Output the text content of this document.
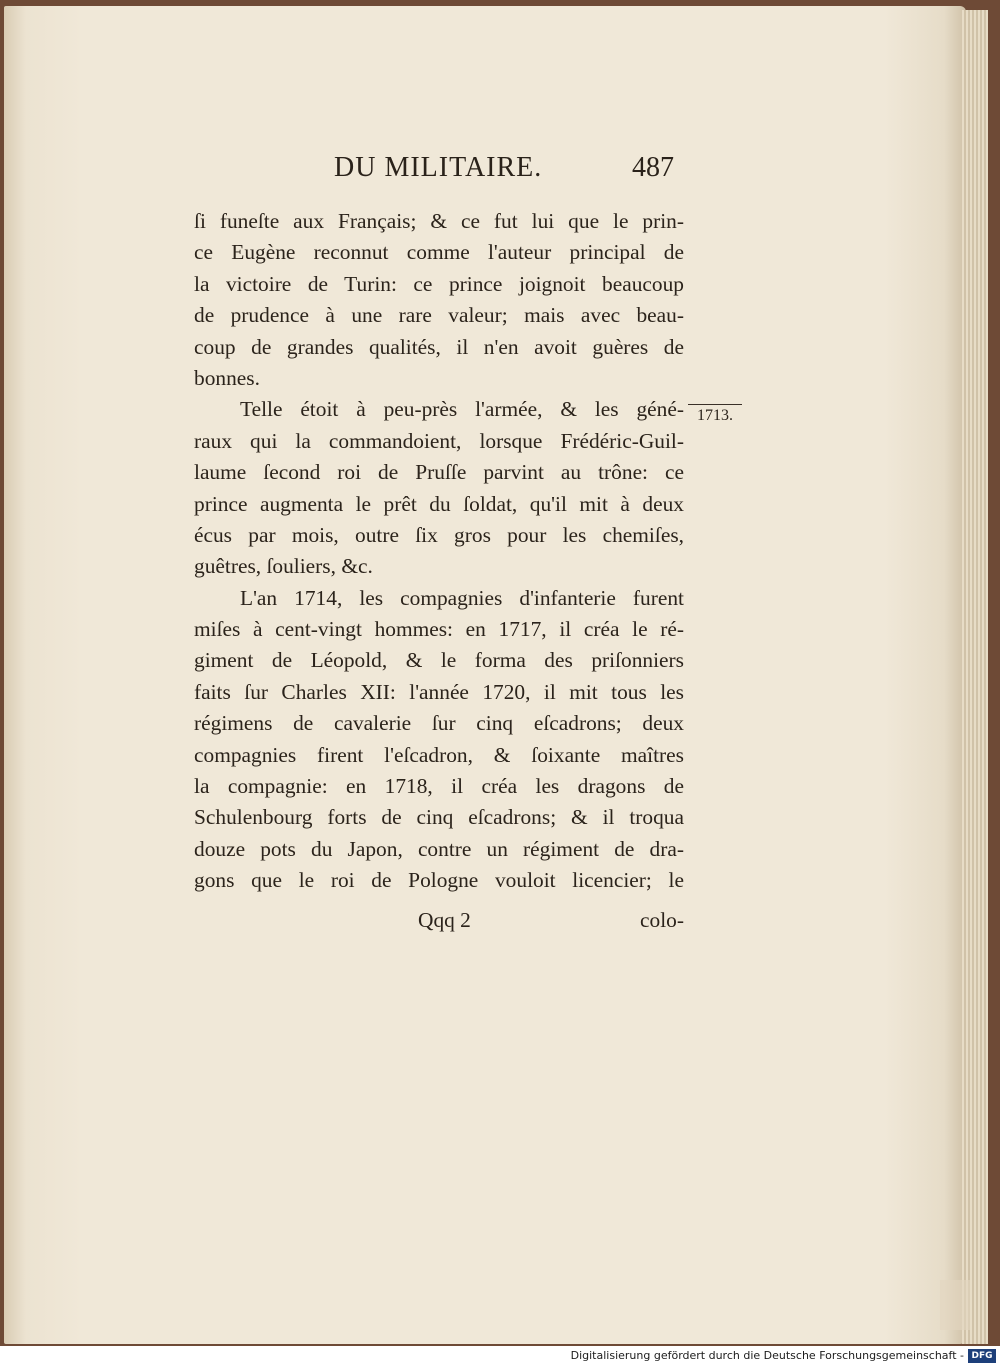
DU MILITAIRE.	487
ſi funeſte aux Français; & ce fut lui que le prin-
ce Eugène reconnut comme l'auteur principal de
la victoire de Turin: ce prince joignoit beaucoup
de prudence à une rare valeur; mais avec beau-
coup de grandes qualités, il n'en avoit guères de
bonnes.
Telle étoit à peu-près l'armée, & les géné-
raux qui la commandoient, lorsque Frédéric-Guil-
laume ſecond roi de Pruſſe parvint au trône: ce
prince augmenta le prêt du ſoldat, qu'il mit à deux
écus par mois, outre ſix gros pour les chemiſes,
guêtres, ſouliers, &c.
L'an 1714, les compagnies d'infanterie furent
miſes à cent-vingt hommes: en 1717, il créa le ré-
giment de Léopold, & le forma des priſonniers
faits ſur Charles XII: l'année 1720, il mit tous les
régimens de cavalerie ſur cinq eſcadrons; deux
compagnies firent l'eſcadron, & ſoixante maîtres
la compagnie: en 1718, il créa les dragons de
Schulenbourg forts de cinq eſcadrons; & il troqua
douze pots du Japon, contre un régiment de dra-
gons que le roi de Pologne vouloit licencier; le
1713.
Qqq 2	colo-
Digitalisierung gefördert durch die Deutsche Forschungsgemeinschaft - DFG
